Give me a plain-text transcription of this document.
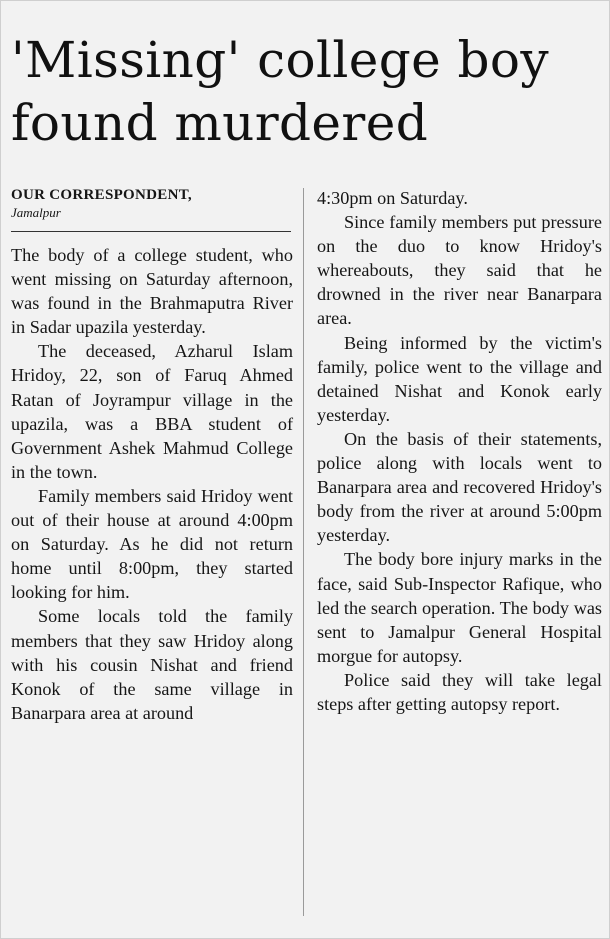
'Missing' college boy
found murdered
OUR CORRESPONDENT,
Jamalpur

The body of a college student, who went missing on Saturday afternoon, was found in the Brahmaputra River in Sadar upazila yesterday.

The deceased, Azharul Islam Hridoy, 22, son of Faruq Ahmed Ratan of Joyrampur village in the upazila, was a BBA student of Government Ashek Mahmud College in the town.

Family members said Hridoy went out of their house at around 4:00pm on Saturday. As he did not return home until 8:00pm, they started looking for him.

Some locals told the family members that they saw Hridoy along with his cousin Nishat and friend Konok of the same village in Banarpara area at around

4:30pm on Saturday.

Since family members put pressure on the duo to know Hridoy's whereabouts, they said that he drowned in the river near Banarpara area.

Being informed by the victim's family, police went to the village and detained Nishat and Konok early yesterday.

On the basis of their statements, police along with locals went to Banarpara area and recovered Hridoy's body from the river at around 5:00pm yesterday.

The body bore injury marks in the face, said Sub-Inspector Rafique, who led the search operation. The body was sent to Jamalpur General Hospital morgue for autopsy.

Police said they will take legal steps after getting autopsy report.
